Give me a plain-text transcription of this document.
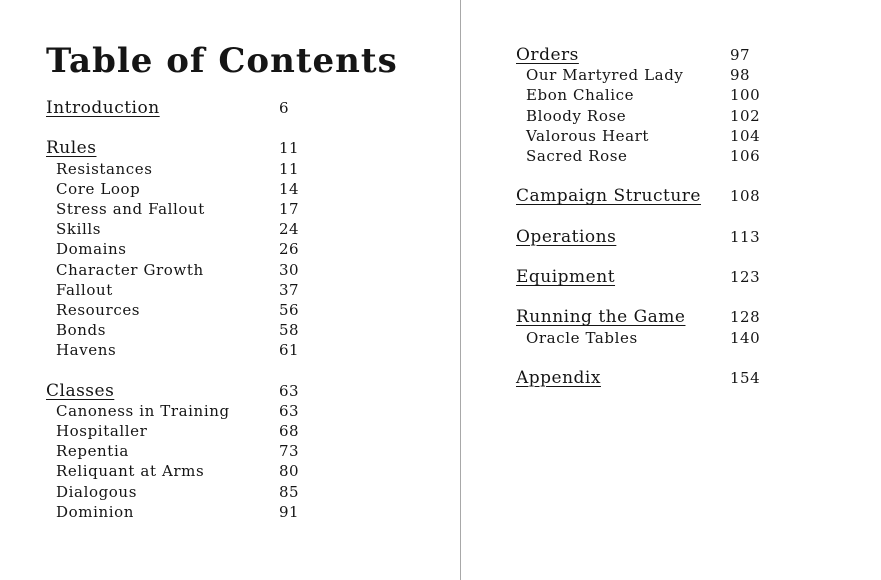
Table of Contents
Introduction	6
Rules	11
Resistances	11
Core Loop	14
Stress and Fallout	17
Skills	24
Domains	26
Character Growth	30
Fallout	37
Resources	56
Bonds	58
Havens	61
Classes	63
Canoness in Training	63
Hospitaller	68
Repentia	73
Reliquant at Arms	80
Dialogous	85
Dominion	91
Orders	97
Our Martyred Lady	98
Ebon Chalice	100
Bloody Rose	102
Valorous Heart	104
Sacred Rose	106
Campaign Structure 108
Operations	113
Equipment	123
Running the Game	128
Oracle Tables	140
Appendix	154
